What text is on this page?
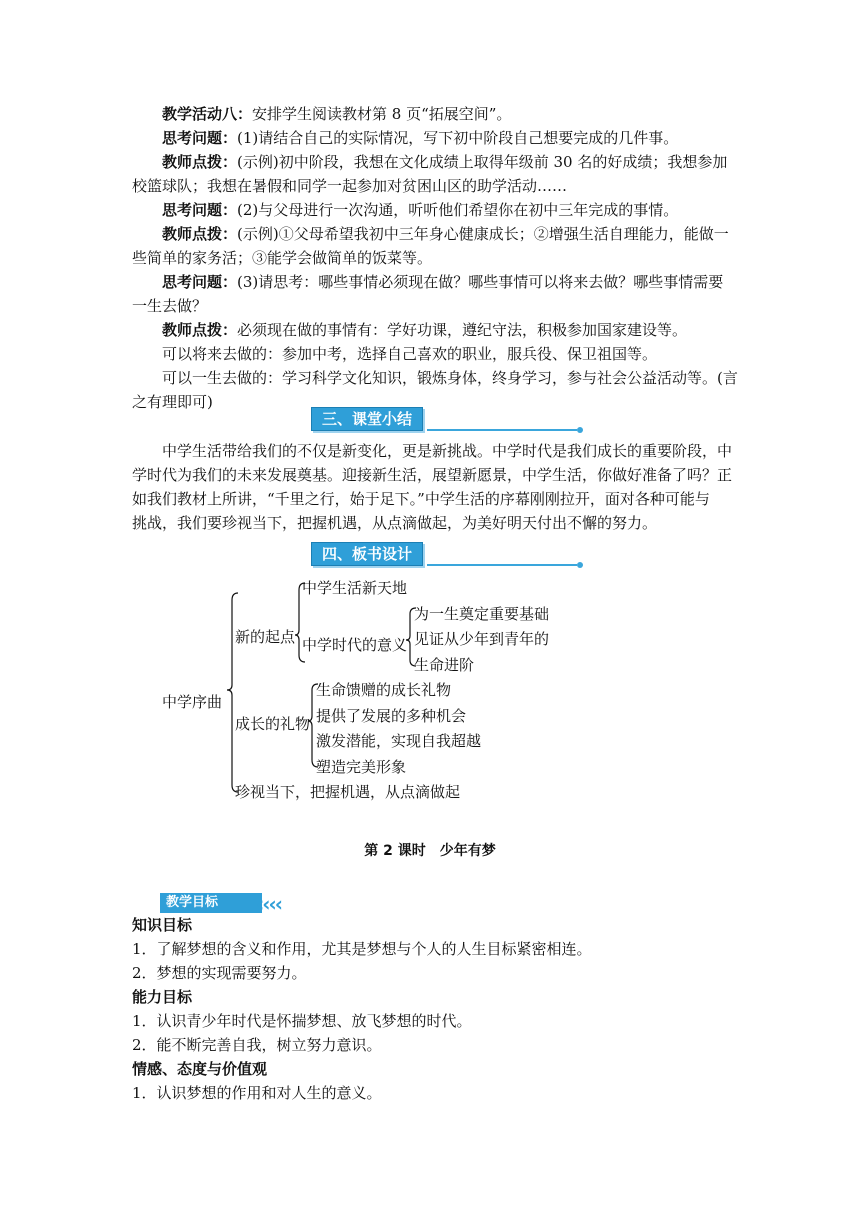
教学活动八：安排学生阅读教材第 8 页“拓展空间”。
思考问题：(1)请结合自己的实际情况，写下初中阶段自己想要完成的几件事。
教师点拨：(示例)初中阶段，我想在文化成绩上取得年级前 30 名的好成绩；我想参加
校篮球队；我想在暑假和同学一起参加对贫困山区的助学活动……
思考问题：(2)与父母进行一次沟通，听听他们希望你在初中三年完成的事情。
教师点拨：(示例)①父母希望我初中三年身心健康成长；②增强生活自理能力，能做一
些简单的家务活；③能学会做简单的饭菜等。
思考问题：(3)请思考：哪些事情必须现在做？哪些事情可以将来去做？哪些事情需要
一生去做？
教师点拨：必须现在做的事情有：学好功课，遵纪守法，积极参加国家建设等。
可以将来去做的：参加中考，选择自己喜欢的职业，服兵役、保卫祖国等。
可以一生去做的：学习科学文化知识，锻炼身体，终身学习，参与社会公益活动等。(言
之有理即可)
三、课堂小结
中学生活带给我们的不仅是新变化，更是新挑战。中学时代是我们成长的重要阶段，中
学时代为我们的未来发展奠基。迎接新生活，展望新愿景，中学生活，你做好准备了吗？正
如我们教材上所讲，“千里之行，始于足下。”中学生活的序幕刚刚拉开，面对各种可能与
挑战，我们要珍视当下，把握机遇，从点滴做起，为美好明天付出不懈的努力。
四、板书设计
中学序曲
新的起点
中学生活新天地
中学时代的意义
为一生奠定重要基础
见证从少年到青年的
生命进阶
成长的礼物
生命馈赠的成长礼物
提供了发展的多种机会
激发潜能，实现自我超越
塑造完美形象
珍视当下，把握机遇，从点滴做起
第 2 课时　少年有梦
教学目标	‹‹‹‹
知识目标
1．了解梦想的含义和作用，尤其是梦想与个人的人生目标紧密相连。
2．梦想的实现需要努力。
能力目标
1．认识青少年时代是怀揣梦想、放飞梦想的时代。
2．能不断完善自我，树立努力意识。
情感、态度与价值观
1．认识梦想的作用和对人生的意义。
